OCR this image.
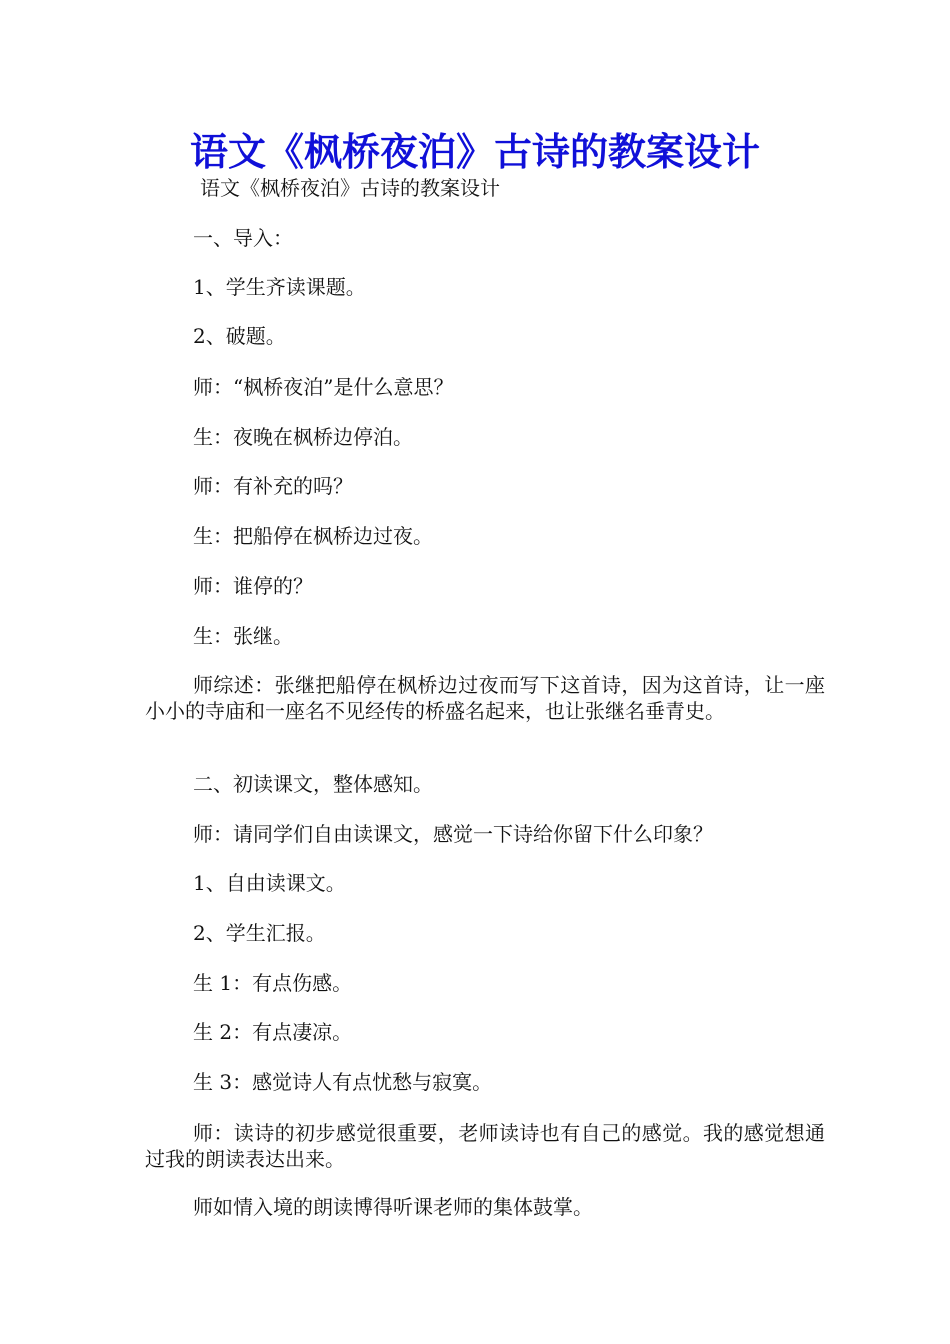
语文《枫桥夜泊》古诗的教案设计

语文《枫桥夜泊》古诗的教案设计

一、导入：

1、学生齐读课题。

2、破题。

师：“枫桥夜泊”是什么意思？

生：夜晚在枫桥边停泊。

师：有补充的吗？

生：把船停在枫桥边过夜。

师：谁停的？

生：张继。

师综述：张继把船停在枫桥边过夜而写下这首诗，因为这首诗，让一座小小的寺庙和一座名不见经传的桥盛名起来，也让张继名垂青史。

二、初读课文，整体感知。

师：请同学们自由读课文，感觉一下诗给你留下什么印象？

1、自由读课文。

2、学生汇报。

生 1：有点伤感。

生 2：有点凄凉。

生 3：感觉诗人有点忧愁与寂寞。

师：读诗的初步感觉很重要，老师读诗也有自己的感觉。我的感觉想通过我的朗读表达出来。

师如情入境的朗读博得听课老师的集体鼓掌。
